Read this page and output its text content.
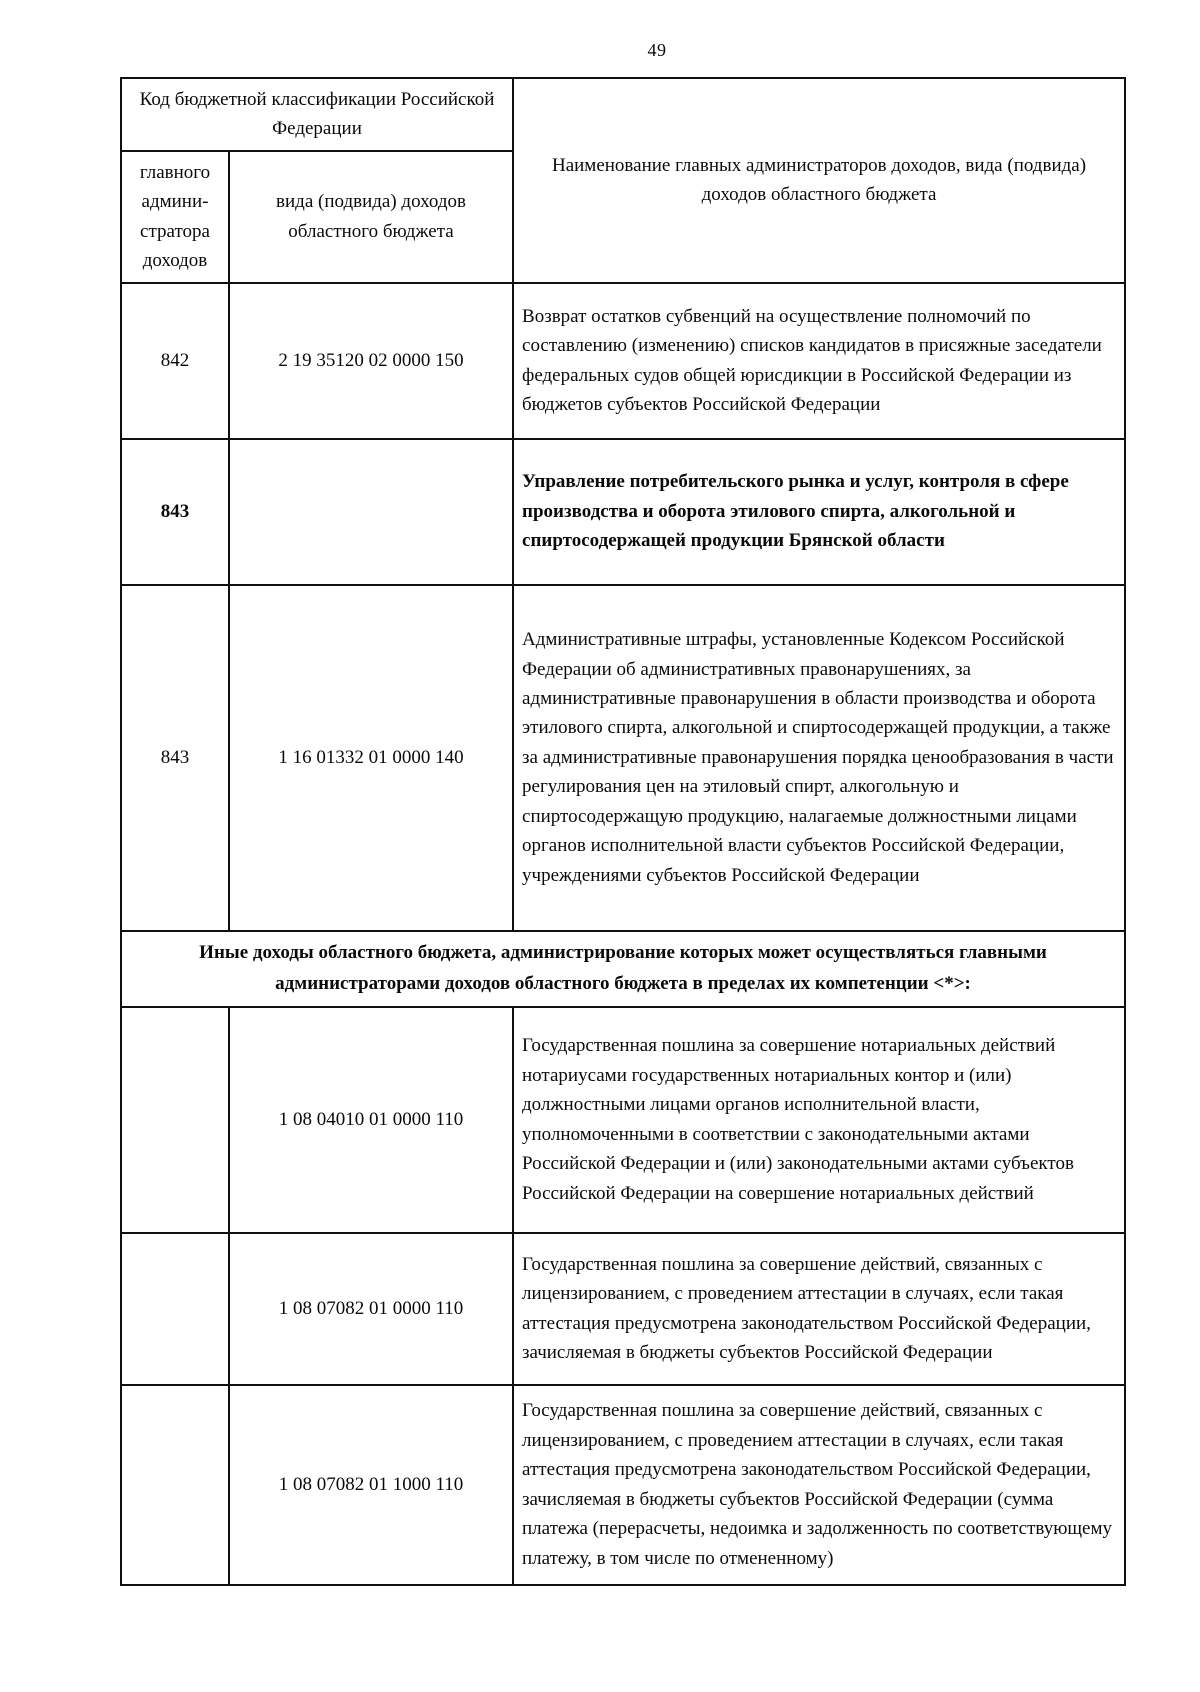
49
Код бюджетной классификации Российской Федерации		Наименование главных администраторов доходов, вида (подвида) доходов областного бюджета
главного админи-стратора доходов	вида (подвида) доходов областного бюджета	
842	2 19 35120 02 0000 150	Возврат остатков субвенций на осуществление полномочий по составлению (изменению) списков кандидатов в присяжные заседатели федеральных судов общей юрисдикции в Российской Федерации из бюджетов субъектов Российской Федерации
843		Управление потребительского рынка и услуг, контроля в сфере производства и оборота этилового спирта, алкогольной и спиртосодержащей продукции Брянской области
843	1 16 01332 01 0000 140	Административные штрафы, установленные Кодексом Российской Федерации об административных правонарушениях, за административные правонарушения в области производства и оборота этилового спирта, алкогольной и спиртосодержащей продукции, а также за административные правонарушения порядка ценообразования в части регулирования цен на этиловый спирт, алкогольную и спиртосодержащую продукцию, налагаемые должностными лицами органов исполнительной власти субъектов Российской Федерации, учреждениями субъектов Российской Федерации
Иные доходы областного бюджета, администрирование которых может осуществляться главными администраторами доходов областного бюджета в пределах их компетенции <*>:		
	1 08 04010 01 0000 110	Государственная пошлина за совершение нотариальных действий нотариусами государственных нотариальных контор и (или) должностными лицами органов исполнительной власти, уполномоченными в соответствии с законодательными актами Российской Федерации и (или) законодательными актами субъектов Российской Федерации на совершение нотариальных действий
	1 08 07082 01 0000 110	Государственная пошлина за совершение действий, связанных с лицензированием, с проведением аттестации в случаях, если такая аттестация предусмотрена законодательством Российской Федерации, зачисляемая в бюджеты субъектов Российской Федерации
	1 08 07082 01 1000 110	Государственная пошлина за совершение действий, связанных с лицензированием, с проведением аттестации в случаях, если такая аттестация предусмотрена законодательством Российской Федерации, зачисляемая в бюджеты субъектов Российской Федерации (сумма платежа (перерасчеты, недоимка и задолженность по соответствующему платежу, в том числе по отмененному)
